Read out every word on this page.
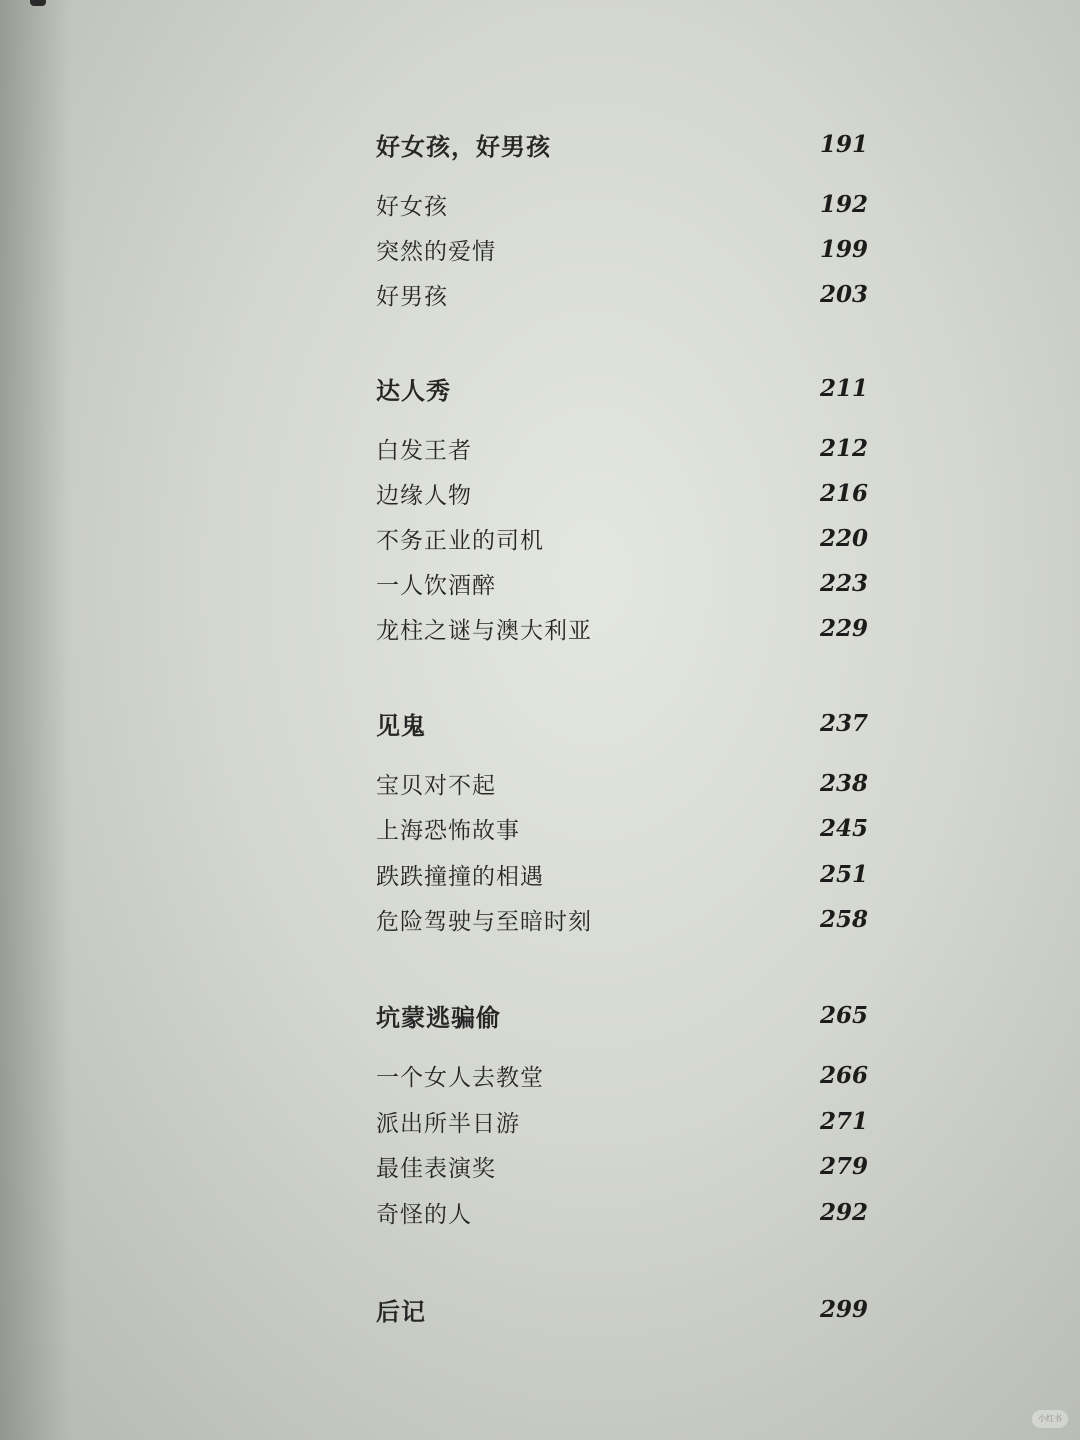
好女孩，好男孩	191
好女孩	192
突然的爱情	199
好男孩	203
达人秀	211
白发王者	212
边缘人物	216
不务正业的司机	220
一人饮酒醉	223
龙柱之谜与澳大利亚	229
见鬼	237
宝贝对不起	238
上海恐怖故事	245
跌跌撞撞的相遇	251
危险驾驶与至暗时刻	258
坑蒙逃骗偷	265
一个女人去教堂	266
派出所半日游	271
最佳表演奖	279
奇怪的人	292
后记	299
小红书
